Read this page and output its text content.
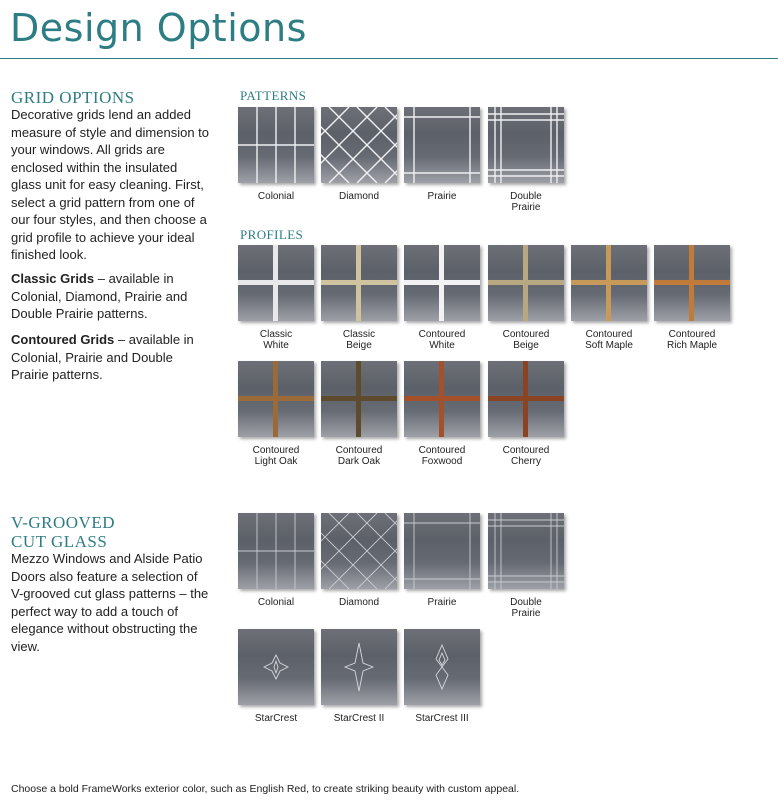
Design Options
GRID OPTIONS

Decorative grids lend an added measure of style and dimension to your windows. All grids are enclosed within the insulated glass unit for easy cleaning. First, select a grid pattern from one of our four styles, and then choose a grid profile to achieve your ideal finished look.

Classic Grids – available in Colonial, Diamond, Prairie and Double Prairie patterns.

Contoured Grids – available in Colonial, Prairie and Double Prairie patterns.

V-GROOVED
CUT GLASS

Mezzo Windows and Alside Patio Doors also feature a selection of V-grooved cut glass patterns – the perfect way to add a touch of elegance without obstructing the view.

PATTERNS
PROFILES
Colonial	Diamond	Prairie	Double
Prairie
Classic
White
Classic
Beige
Contoured
White
Contoured
Beige
Contoured
Soft Maple
Contoured
Rich Maple
Contoured
Light Oak
Contoured
Dark Oak
Contoured
Foxwood
Contoured
Cherry
Colonial	Diamond	Prairie	Double
Prairie
StarCrest	StarCrest II	StarCrest III
Choose a bold FrameWorks exterior color, such as English Red, to create striking beauty with custom appeal.
